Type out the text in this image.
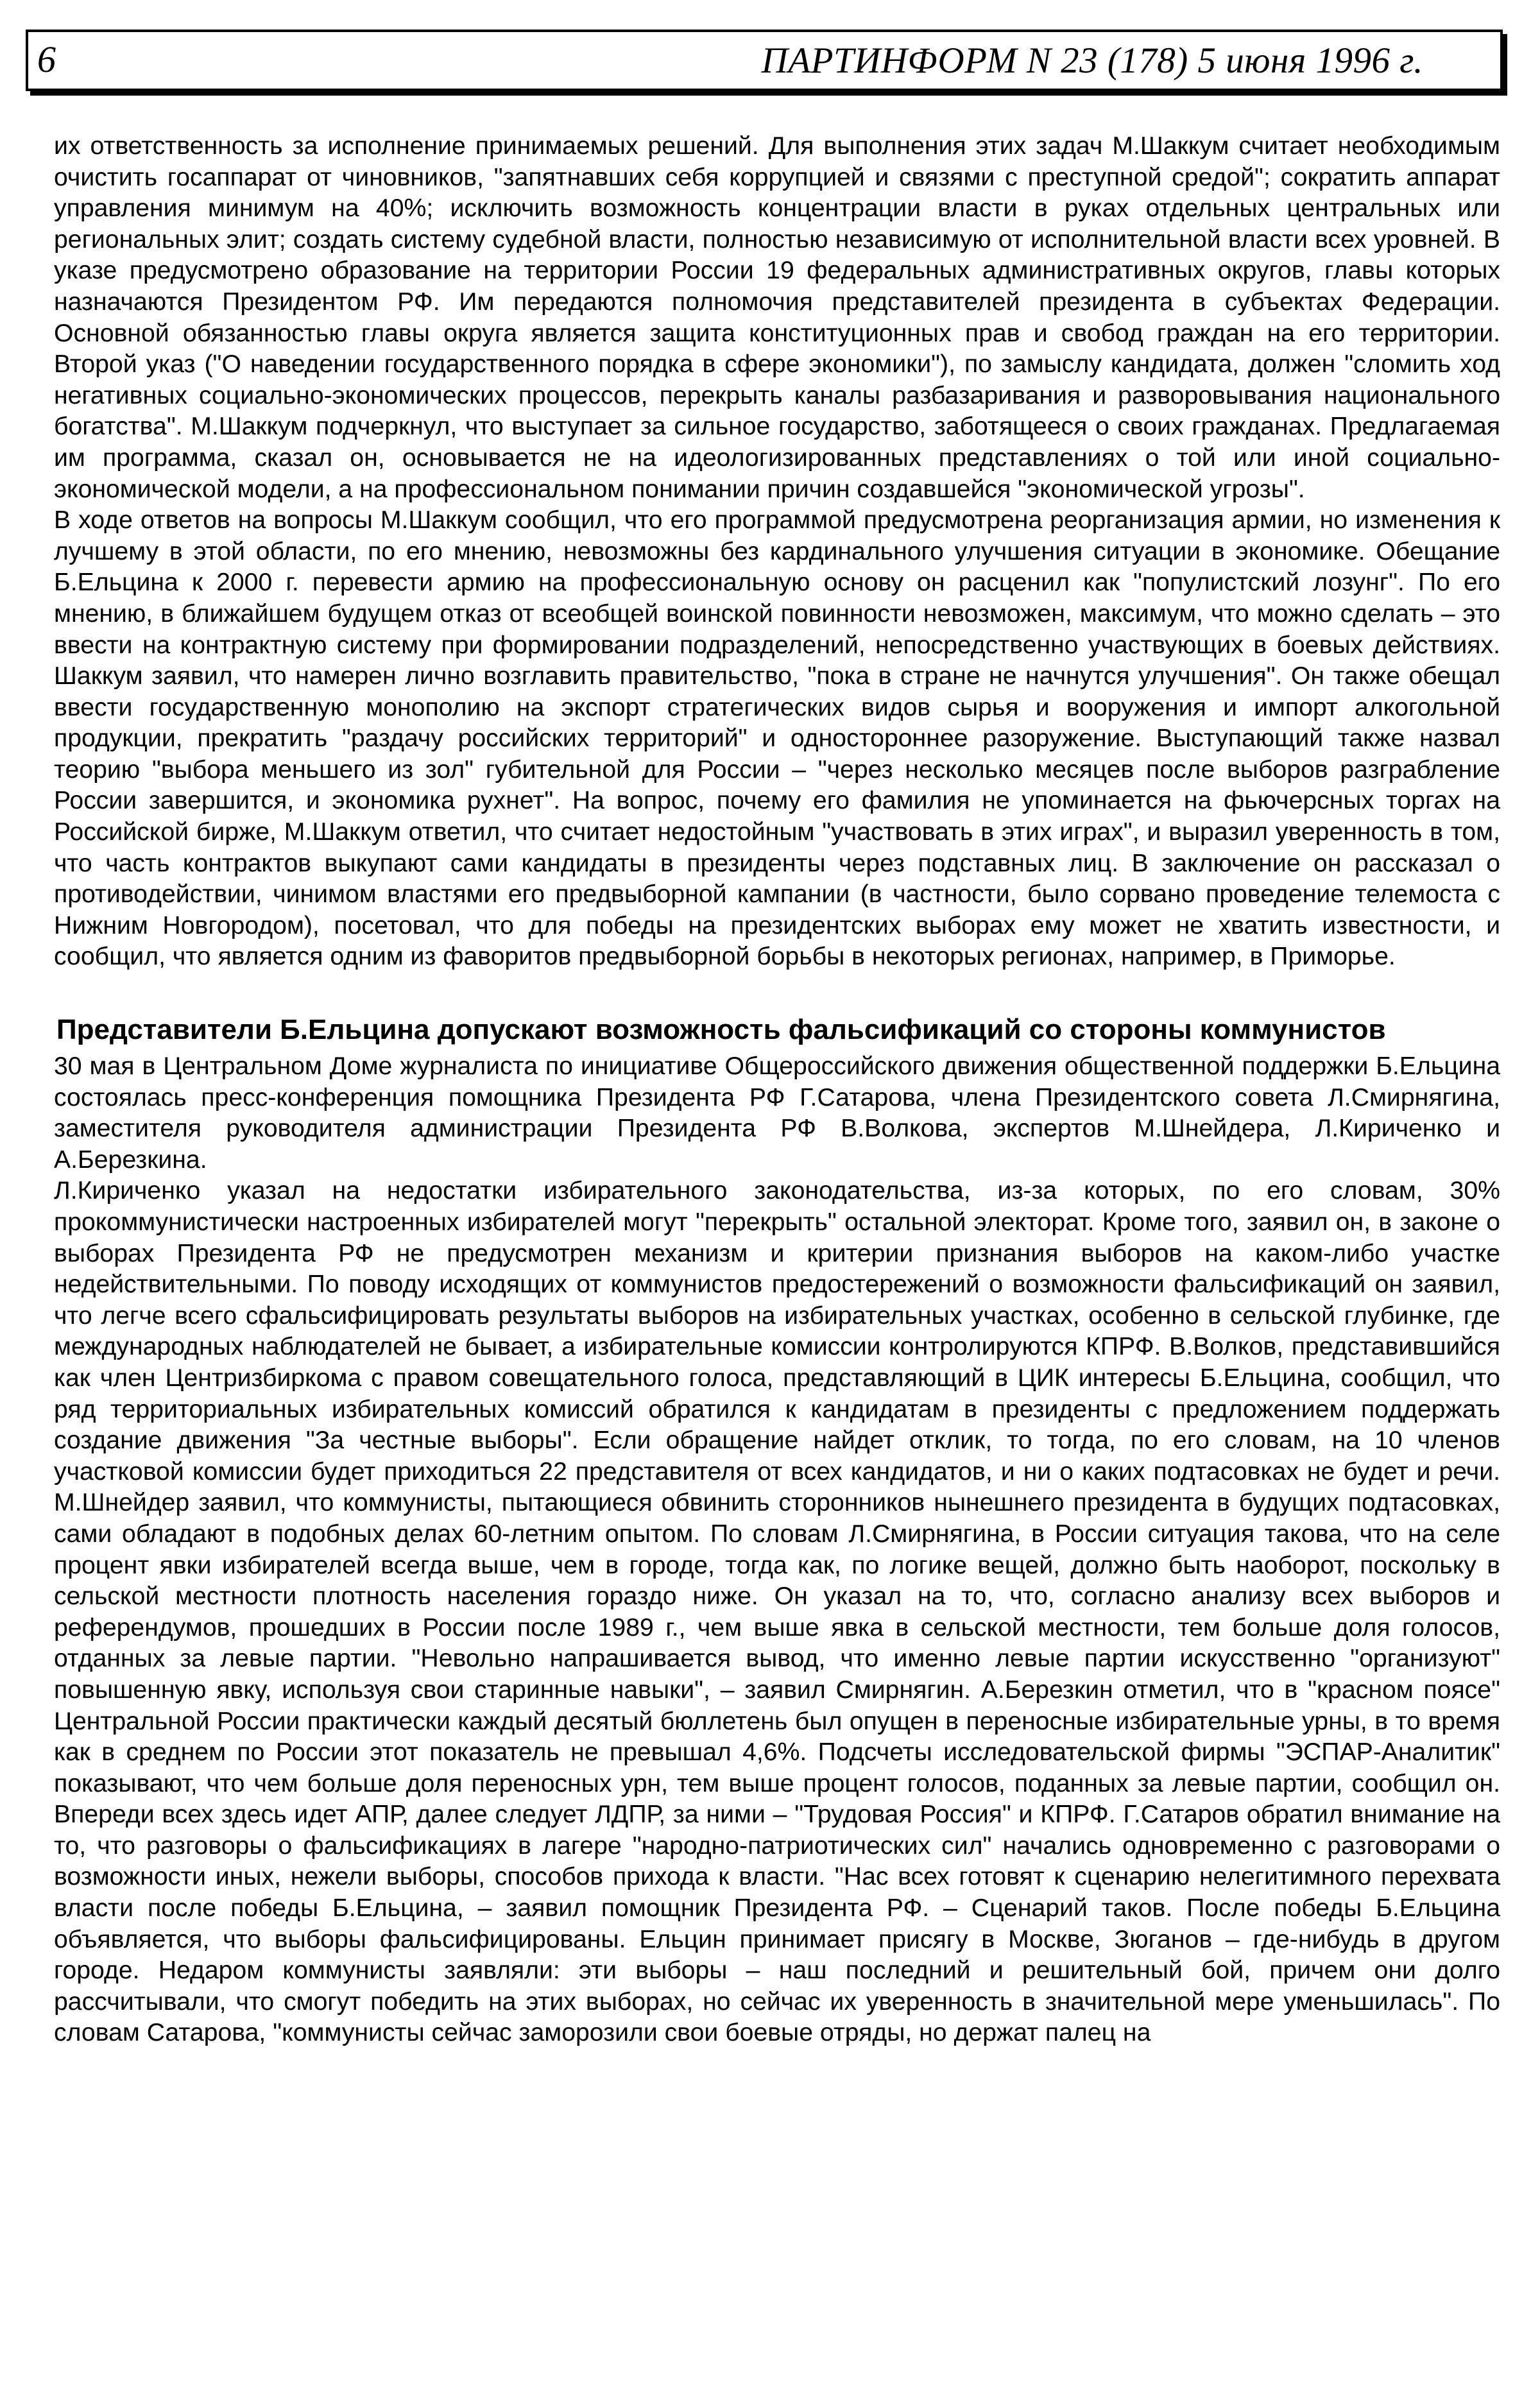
6	ПАРТИНФОРМ N 23 (178) 5 июня 1996 г.

их ответственность за исполнение принимаемых решений. Для выполнения этих задач М.Шаккум считает необходимым очистить госаппарат от чиновников, "запятнавших себя коррупцией и связями с преступной средой"; сократить аппарат управления минимум на 40%; исключить возможность концентрации власти в руках отдельных центральных или региональных элит; создать систему судебной власти, полностью независимую от исполнительной власти всех уровней. В указе предусмотрено образование на территории России 19 федеральных административных округов, главы которых назначаются Президентом РФ. Им передаются полномочия представителей президента в субъектах Федерации. Основной обязанностью главы округа является защита конституционных прав и свобод граждан на его территории. Второй указ ("О наведении государственного порядка в сфере экономики"), по замыслу кандидата, должен "сломить ход негативных социально-экономических процессов, перекрыть каналы разбазаривания и разворовывания национального богатства". М.Шаккум подчеркнул, что выступает за сильное государство, заботящееся о своих гражданах. Предлагаемая им программа, сказал он, основывается не на идеологизированных представлениях о той или иной социально-экономической модели, а на профессиональном понимании причин создавшейся "экономической угрозы".

В ходе ответов на вопросы М.Шаккум сообщил, что его программой предусмотрена реорганизация армии, но изменения к лучшему в этой области, по его мнению, невозможны без кардинального улучшения ситуации в экономике. Обещание Б.Ельцина к 2000 г. перевести армию на профессиональную основу он расценил как "популистский лозунг". По его мнению, в ближайшем будущем отказ от всеобщей воинской повинности невозможен, максимум, что можно сделать – это ввести на контрактную систему при формировании подразделений, непосредственно участвующих в боевых действиях. Шаккум заявил, что намерен лично возглавить правительство, "пока в стране не начнутся улучшения". Он также обещал ввести государственную монополию на экспорт стратегических видов сырья и вооружения и импорт алкогольной продукции, прекратить "раздачу российских территорий" и одностороннее разоружение. Выступающий также назвал теорию "выбора меньшего из зол" губительной для России – "через несколько месяцев после выборов разграбление России завершится, и экономика рухнет". На вопрос, почему его фамилия не упоминается на фьючерсных торгах на Российской бирже, М.Шаккум ответил, что считает недостойным "участвовать в этих играх", и выразил уверенность в том, что часть контрактов выкупают сами кандидаты в президенты через подставных лиц. В заключение он рассказал о противодействии, чинимом властями его предвыборной кампании (в частности, было сорвано проведение телемоста с Нижним Новгородом), посетовал, что для победы на президентских выборах ему может не хватить известности, и сообщил, что является одним из фаворитов предвыборной борьбы в некоторых регионах, например, в Приморье.

Представители Б.Ельцина допускают возможность фальсификаций со стороны коммунистов

30 мая в Центральном Доме журналиста по инициативе Общероссийского движения общественной поддержки Б.Ельцина состоялась пресс-конференция помощника Президента РФ Г.Сатарова, члена Президентского совета Л.Смирнягина, заместителя руководителя администрации Президента РФ В.Волкова, экспертов М.Шнейдера, Л.Кириченко и А.Березкина.

Л.Кириченко указал на недостатки избирательного законодательства, из-за которых, по его словам, 30% прокоммунистически настроенных избирателей могут "перекрыть" остальной электорат. Кроме того, заявил он, в законе о выборах Президента РФ не предусмотрен механизм и критерии признания выборов на каком-либо участке недействительными. По поводу исходящих от коммунистов предостережений о возможности фальсификаций он заявил, что легче всего сфальсифицировать результаты выборов на избирательных участках, особенно в сельской глубинке, где международных наблюдателей не бывает, а избирательные комиссии контролируются КПРФ. В.Волков, представившийся как член Центризбиркома с правом совещательного голоса, представляющий в ЦИК интересы Б.Ельцина, сообщил, что ряд территориальных избирательных комиссий обратился к кандидатам в президенты с предложением поддержать создание движения "За честные выборы". Если обращение найдет отклик, то тогда, по его словам, на 10 членов участковой комиссии будет приходиться 22 представителя от всех кандидатов, и ни о каких подтасовках не будет и речи. М.Шнейдер заявил, что коммунисты, пытающиеся обвинить сторонников нынешнего президента в будущих подтасовках, сами обладают в подобных делах 60-летним опытом. По словам Л.Смирнягина, в России ситуация такова, что на селе процент явки избирателей всегда выше, чем в городе, тогда как, по логике вещей, должно быть наоборот, поскольку в сельской местности плотность населения гораздо ниже. Он указал на то, что, согласно анализу всех выборов и референдумов, прошедших в России после 1989 г., чем выше явка в сельской местности, тем больше доля голосов, отданных за левые партии. "Невольно напрашивается вывод, что именно левые партии искусственно "организуют" повышенную явку, используя свои старинные навыки", – заявил Смирнягин. А.Березкин отметил, что в "красном поясе" Центральной России практически каждый десятый бюллетень был опущен в переносные избирательные урны, в то время как в среднем по России этот показатель не превышал 4,6%. Подсчеты исследовательской фирмы "ЭСПАР-Аналитик" показывают, что чем больше доля переносных урн, тем выше процент голосов, поданных за левые партии, сообщил он. Впереди всех здесь идет АПР, далее следует ЛДПР, за ними – "Трудовая Россия" и КПРФ. Г.Сатаров обратил внимание на то, что разговоры о фальсификациях в лагере "народно-патриотических сил" начались одновременно с разговорами о возможности иных, нежели выборы, способов прихода к власти. "Нас всех готовят к сценарию нелегитимного перехвата власти после победы Б.Ельцина, – заявил помощник Президента РФ. – Сценарий таков. После победы Б.Ельцина объявляется, что выборы фальсифицированы. Ельцин принимает присягу в Москве, Зюганов – где-нибудь в другом городе. Недаром коммунисты заявляли: эти выборы – наш последний и решительный бой, причем они долго рассчитывали, что смогут победить на этих выборах, но сейчас их уверенность в значительной мере уменьшилась". По словам Сатарова, "коммунисты сейчас заморозили свои боевые отряды, но держат палец на
